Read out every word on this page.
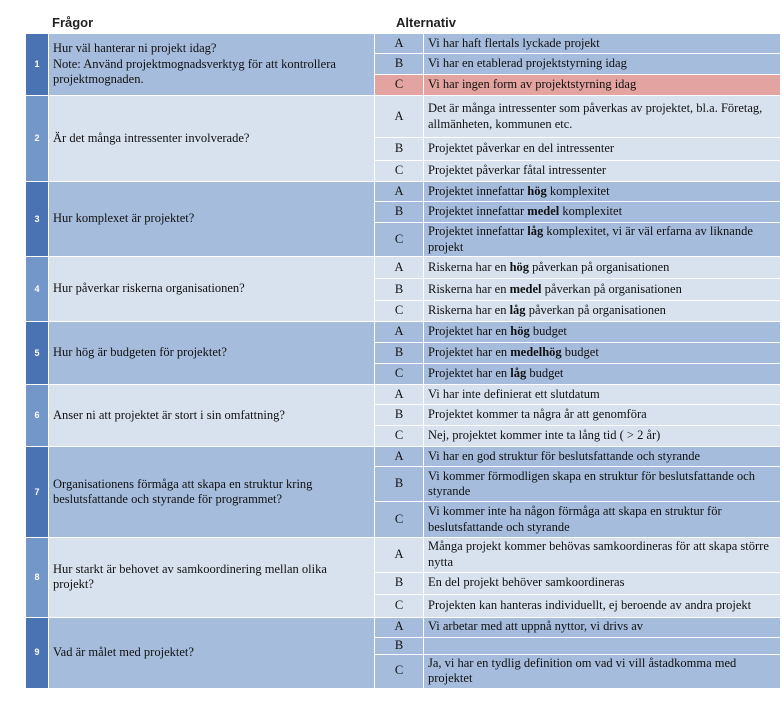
Frågor	Alternativ
1	Hur väl hanterar ni projekt idag?
Note: Använd projektmognadsverktyg för att kontrollera projektmognaden.	A	Vi har haft flertals lyckade projekt
		B	Vi har en etablerad projektstyrning idag
		C	Vi har ingen form av projektstyrning idag
2	Är det många intressenter involverade?	A	Det är många intressenter som påverkas av projektet, bl.a. Företag, allmänheten, kommunen etc.
		B	Projektet påverkar en del intressenter
		C	Projektet påverkar fåtal intressenter
3	Hur komplexet är projektet?	A	Projektet innefattar hög komplexitet
		B	Projektet innefattar medel komplexitet
		C	Projektet innefattar låg komplexitet, vi är väl erfarna av liknande projekt
4	Hur påverkar riskerna organisationen?	A	Riskerna har en hög påverkan på organisationen
		B	Riskerna har en medel påverkan på organisationen
		C	Riskerna har en låg påverkan på organisationen
5	Hur hög är budgeten för projektet?	A	Projektet har en hög budget
		B	Projektet har en medelhög budget
		C	Projektet har en låg budget
6	Anser ni att projektet är stort i sin omfattning?	A	Vi har inte definierat ett slutdatum
		B	Projektet kommer ta några år att genomföra
		C	Nej, projektet kommer inte ta lång tid ( > 2 år)
7	Organisationens förmåga att skapa en struktur kring beslutsfattande och styrande för programmet?	A	Vi har en god struktur för beslutsfattande och styrande
		B	Vi kommer förmodligen skapa en struktur för beslutsfattande och styrande
		C	Vi kommer inte ha någon förmåga att skapa en struktur för beslutsfattande och styrande
8	Hur starkt är behovet av samkoordinering mellan olika projekt?	A	Många projekt kommer behövas samkoordineras för att skapa större nytta
		B	En del projekt behöver samkoordineras
		C	Projekten kan hanteras individuellt, ej beroende av andra projekt
9	Vad är målet med projektet?	A	Vi arbetar med att uppnå nyttor, vi drivs av
		B	
		C	Ja, vi har en tydlig definition om vad vi vill åstadkomma med projektet
